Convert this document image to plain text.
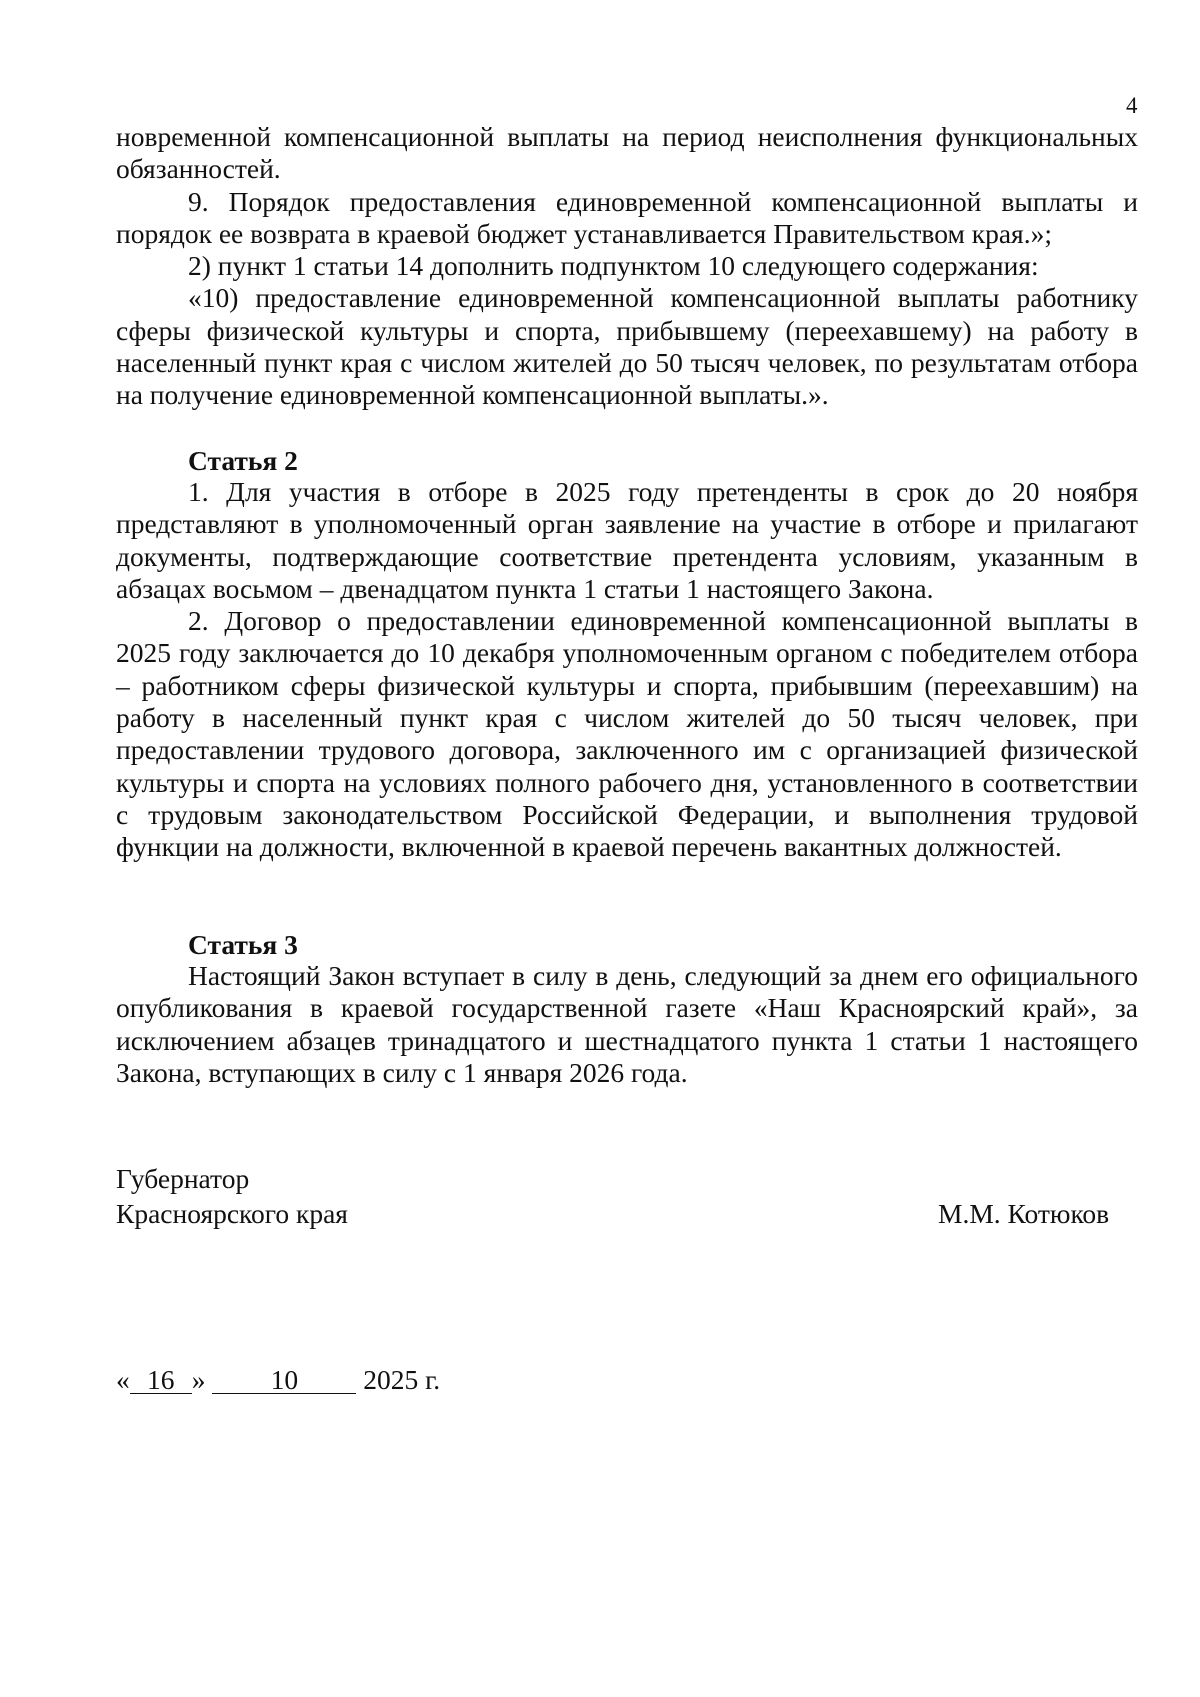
4

новременной компенсационной выплаты на период неисполнения функциональных обязанностей.

9. Порядок предоставления единовременной компенсационной выплаты и порядок ее возврата в краевой бюджет устанавливается Правительством края.»;

2) пункт 1 статьи 14 дополнить подпунктом 10 следующего содержания:

«10) предоставление единовременной компенсационной выплаты работнику сферы физической культуры и спорта, прибывшему (переехавшему) на работу в населенный пункт края с числом жителей до 50 тысяч человек, по результатам отбора на получение единовременной компенсационной выплаты.».

Статья 2

1. Для участия в отборе в 2025 году претенденты в срок до 20 ноября представляют в уполномоченный орган заявление на участие в отборе и прилагают документы, подтверждающие соответствие претендента условиям, указанным в абзацах восьмом – двенадцатом пункта 1 статьи 1 настоящего Закона.

2. Договор о предоставлении единовременной компенсационной выплаты в 2025 году заключается до 10 декабря уполномоченным органом с победителем отбора – работником сферы физической культуры и спорта, прибывшим (переехавшим) на работу в населенный пункт края с числом жителей до 50 тысяч человек, при предоставлении трудового договора, заключенного им с организацией физической культуры и спорта на условиях полного рабочего дня, установленного в соответствии с трудовым законодательством Российской Федерации, и выполнения трудовой функции на должности, включенной в краевой перечень вакантных должностей.

Статья 3

Настоящий Закон вступает в силу в день, следующий за днем его официального опубликования в краевой государственной газете «Наш Красноярский край», за исключением абзацев тринадцатого и шестнадцатого пункта 1 статьи 1 настоящего Закона, вступающих в силу с 1 января 2026 года.

Губернатор
Красноярского края	М.М. Котюков
« 16 » 10 2025 г.
